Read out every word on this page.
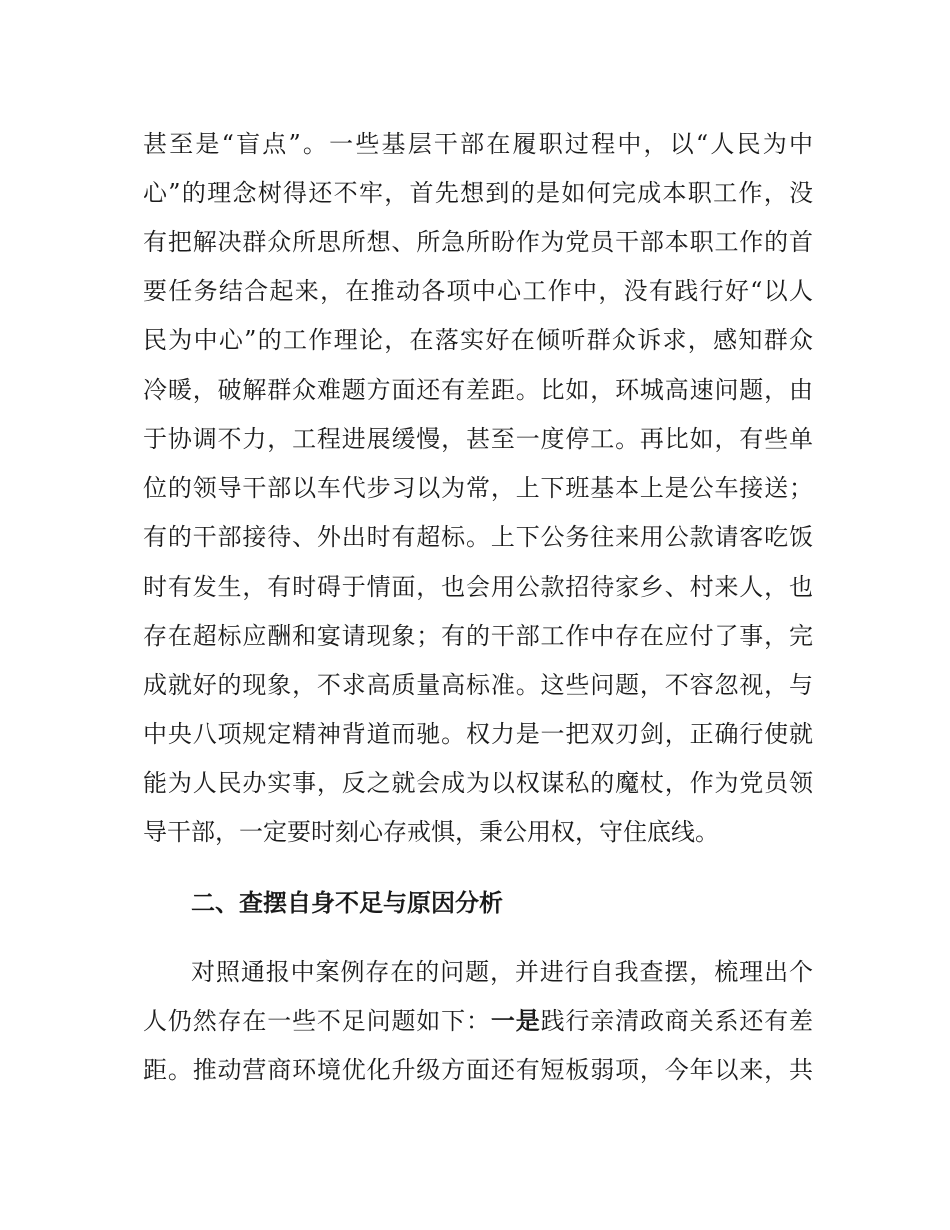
甚至是“盲点”。一些基层干部在履职过程中，以“人民为中
心”的理念树得还不牢，首先想到的是如何完成本职工作，没
有把解决群众所思所想、所急所盼作为党员干部本职工作的首
要任务结合起来，在推动各项中心工作中，没有践行好“以人
民为中心”的工作理论，在落实好在倾听群众诉求，感知群众
冷暖，破解群众难题方面还有差距。比如，环城高速问题，由
于协调不力，工程进展缓慢，甚至一度停工。再比如，有些单
位的领导干部以车代步习以为常，上下班基本上是公车接送；
有的干部接待、外出时有超标。上下公务往来用公款请客吃饭
时有发生，有时碍于情面，也会用公款招待家乡、村来人，也
存在超标应酬和宴请现象；有的干部工作中存在应付了事，完
成就好的现象，不求高质量高标准。这些问题，不容忽视，与
中央八项规定精神背道而驰。权力是一把双刃剑，正确行使就
能为人民办实事，反之就会成为以权谋私的魔杖，作为党员领
导干部，一定要时刻心存戒惧，秉公用权，守住底线。
二、查摆自身不足与原因分析
对照通报中案例存在的问题，并进行自我查摆，梳理出个
人仍然存在一些不足问题如下：一是践行亲清政商关系还有差
距。推动营商环境优化升级方面还有短板弱项，今年以来，共
